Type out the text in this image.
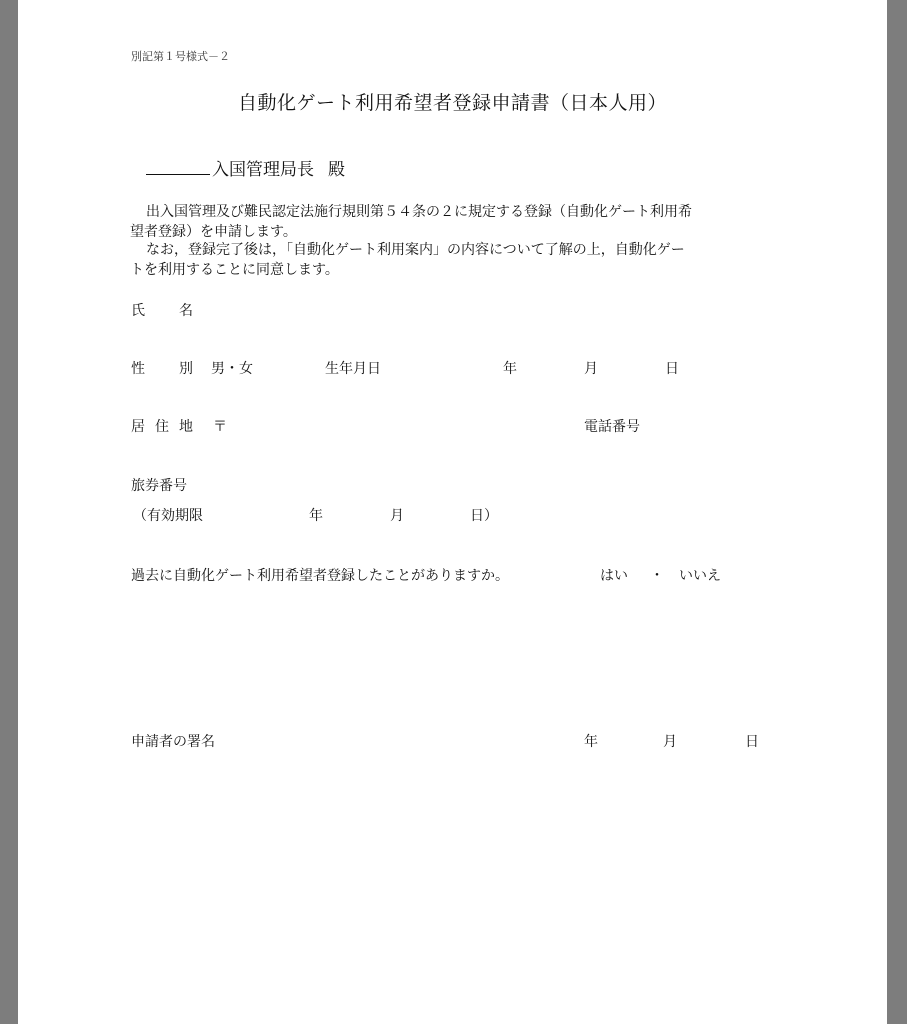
別記第１号様式－２
自動化ゲート利用希望者登録申請書（日本人用）
入国管理局長 殿
出入国管理及び難民認定法施行規則第５４条の２に規定する登録（自動化ゲート利用希
望者登録）を申請します。
なお，登録完了後は，「自動化ゲート利用案内」の内容について了解の上，自動化ゲー
トを利用することに同意します。
氏 名
性 別 男・女	生年月日	年	月	日
居 住 地 〒	電話番号
旅券番号
（有効期限	年	月	日）
過去に自動化ゲート利用希望者登録したことがありますか。	はい ・ いいえ
申請者の署名	年	月	日
